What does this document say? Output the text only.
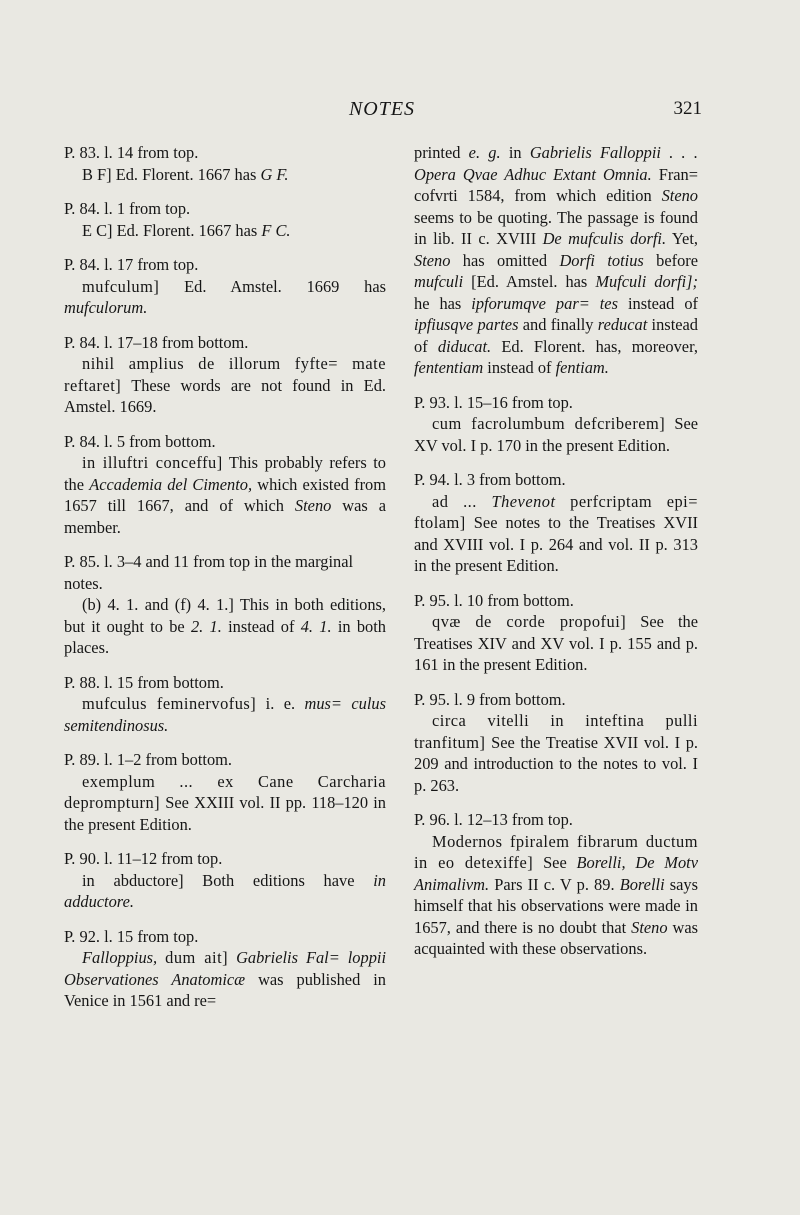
NOTES	321

P. 83. l. 14 from top.

B F] Ed. Florent. 1667 has G F.

P. 84. l. 1 from top.

E C] Ed. Florent. 1667 has F C.

P. 84. l. 17 from top.

mufculum] Ed. Amstel. 1669 has mufculorum.

P. 84. l. 17–18 from bottom.

nihil amplius de illorum fyfte= mate reftaret] These words are not found in Ed. Amstel. 1669.

P. 84. l. 5 from bottom.

in illuftri conceffu] This probably refers to the Accademia del Cimento, which existed from 1657 till 1667, and of which Steno was a member.

P. 85. l. 3–4 and 11 from top in the marginal notes.

(b) 4. 1. and (f) 4. 1.] This in both editions, but it ought to be 2. 1. instead of 4. 1. in both places.

P. 88. l. 15 from bottom.

mufculus feminervofus] i. e. mus= culus semitendinosus.

P. 89. l. 1–2 from bottom.

exemplum ... ex Cane Carcharia deprompturn] See XXIII vol. II pp. 118–120 in the present Edition.

P. 90. l. 11–12 from top.

in abductore] Both editions have in adductore.

P. 92. l. 15 from top.

Falloppius, dum ait] Gabrielis Fal= loppii Observationes Anatomicæ was published in Venice in 1561 and re=

printed e. g. in Gabrielis Falloppii . . . Opera Qvae Adhuc Extant Omnia. Fran= cofvrti 1584, from which edition Steno seems to be quoting. The passage is found in lib. II c. XVIII De mufculis dorfi. Yet, Steno has omitted Dorfi totius before mufculi [Ed. Amstel. has Mufculi dorfi]; he has ipforumqve par= tes instead of ipfiusqve partes and finally reducat instead of diducat. Ed. Florent. has, moreover, fententiam instead of fentiam.

P. 93. l. 15–16 from top.

cum facrolumbum defcriberem] See XV vol. I p. 170 in the present Edition.

P. 94. l. 3 from bottom.

ad ... Thevenot perfcriptam epi= ftolam] See notes to the Treatises XVII and XVIII vol. I p. 264 and vol. II p. 313 in the present Edition.

P. 95. l. 10 from bottom.

qvæ de corde propofui] See the Treatises XIV and XV vol. I p. 155 and p. 161 in the present Edition.

P. 95. l. 9 from bottom.

circa vitelli in inteftina pulli tranfitum] See the Treatise XVII vol. I p. 209 and introduction to the notes to vol. I p. 263.

P. 96. l. 12–13 from top.

Modernos fpiralem fibrarum ductum in eo detexiffe] See Borelli, De Motv Animalivm. Pars II c. V p. 89. Borelli says himself that his observations were made in 1657, and there is no doubt that Steno was acquainted with these observations.
